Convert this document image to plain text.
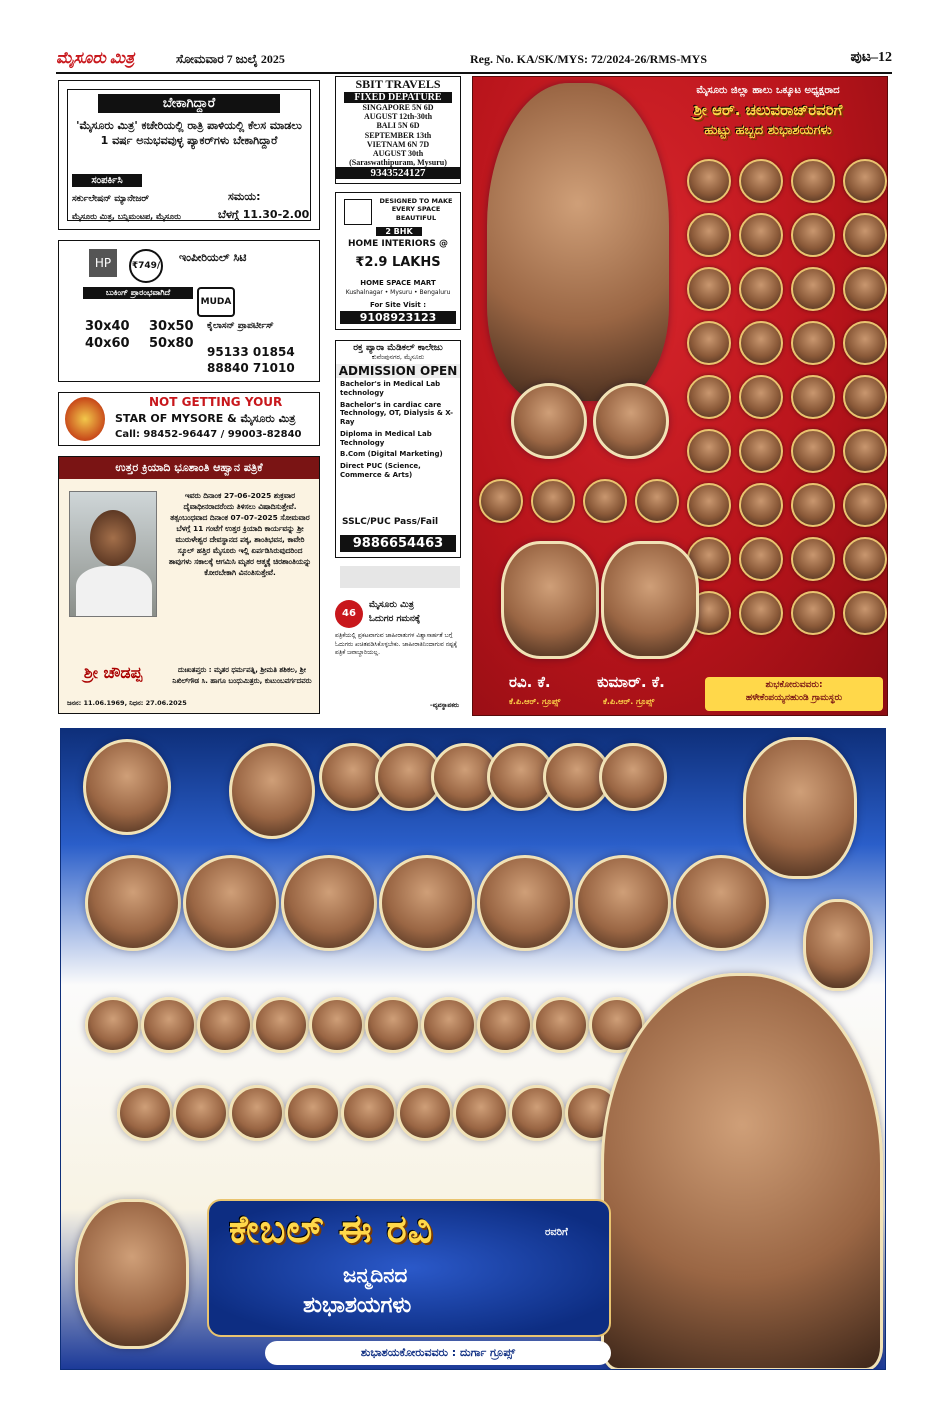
ಮೈಸೂರು ಮಿತ್ರ	ಸೋಮವಾರ 7 ಜುಲೈ 2025	Reg. No. KA/SK/MYS: 72/2024-26/RMS-MYS	ಪುಟ–12
ಬೇಕಾಗಿದ್ದಾರೆ
'ಮೈಸೂರು ಮಿತ್ರ' ಕಚೇರಿಯಲ್ಲಿ ರಾತ್ರಿ ಪಾಳಿಯಲ್ಲಿ ಕೆಲಸ ಮಾಡಲು 1 ವರ್ಷ ಅನುಭವವುಳ್ಳ ಪ್ಯಾಕರ್‌ಗಳು ಬೇಕಾಗಿದ್ದಾರೆ
ಸಂಪರ್ಕಿಸಿ
ಸರ್ಕುಲೇಷನ್ ಮ್ಯಾನೇಜರ್
ಮೈಸೂರು ಮಿತ್ರ, ಬನ್ನಿಮಂಟಪ, ಮೈಸೂರು
ಸಮಯ:
ಬೆಳಗ್ಗೆ 11.30-2.00
HP	₹749/
ಇಂಪೀರಿಯಲ್ ಸಿಟಿ
ಬುಕಿಂಗ್ ಪ್ರಾರಂಭವಾಗಿದೆ
MUDA
30x40	30x50
40x60	50x80
ಕೈಲಾಸನ್ ಪ್ರಾಪರ್ಟೀಸ್
95133 01854
88840 71010
NOT GETTING YOUR
STAR OF MYSORE & ಮೈಸೂರು ಮಿತ್ರ
Call: 98452-96447 / 99003-82840
ಉತ್ತರ ಕ್ರಿಯಾದಿ ಭೂಶಾಂತಿ ಆಹ್ವಾನ ಪತ್ರಿಕೆ
ಇವರು ದಿನಾಂಕ 27-06-2025 ಶುಕ್ರವಾರ ದೈವಾಧೀನರಾದರೆಂದು ತಿಳಿಸಲು ವಿಷಾದಿಸುತ್ತೇವೆ. ತತ್ಸಂಬಂಧವಾದ ದಿನಾಂಕ 07-07-2025 ಸೋಮವಾರ ಬೆಳಗ್ಗೆ 11 ಗಂಟೆಗೆ ಉತ್ತರ ಕ್ರಿಯಾದಿ ಕಾರ್ಯವನ್ನು ಶ್ರೀ ಮುರುಳೇಶ್ವರ ದೇವಸ್ಥಾನದ ಪಕ್ಕ, ಶಾಂತಿಭವನ, ಕಾವೇರಿ ಸ್ಕೂಲ್ ಹತ್ತಿರ ಮೈಸೂರು ಇಲ್ಲಿ ಏರ್ಪಡಿಸಿರುವುದರಿಂದ ತಾವುಗಳು ಸಕಾಲಕ್ಕೆ ಆಗಮಿಸಿ ಮೃತರ ಆತ್ಮಕ್ಕೆ ಚಿರಶಾಂತಿಯನ್ನು ಕೋರಬೇಕಾಗಿ ವಿನಂತಿಸುತ್ತೇವೆ.
ಶ್ರೀ ಚೌಡಪ್ಪ
ಜನನ: 11.06.1969, ನಿಧನ: 27.06.2025
ದುಃಖತಪ್ತರು : ಮೃತರ ಧರ್ಮಪತ್ನಿ, ಶ್ರೀಮತಿ ಶಶಿಕಲ, ಶ್ರೀ ನಿಖಿಲ್‌ಗೌಡ ಸಿ. ಹಾಗೂ ಬಂಧುಮಿತ್ರರು, ಕುಟುಂಬವರ್ಗದವರು
SBIT TRAVELS
FIXED DEPATURE
SINGAPORE 5N 6D
AUGUST 12th-30th
BALI 5N 6D
SEPTEMBER 13th
VIETNAM 6N 7D
AUGUST 30th
(Saraswathipuram, Mysuru)
9343524127
DESIGNED TO MAKE EVERY SPACE BEAUTIFUL
2 BHK
HOME INTERIORS @
₹2.9 LAKHS
HOME SPACE MART
Kushalnagar • Mysuru • Bengaluru
For Site Visit :
9108923123
ರಕ್ತ ಪ್ಯಾರಾ ಮೆಡಿಕಲ್ ಕಾಲೇಜು
ಕುವೆಂಪುನಗರ, ಮೈಸೂರು
ADMISSION OPEN
Bachelor's in Medical Lab technology
Bachelor's in cardiac care Technology, OT, Dialysis & X-Ray
Diploma in Medical Lab Technology
B.Com (Digital Marketing)
Direct PUC (Science, Commerce & Arts)
SSLC/PUC Pass/Fail
9886654463
46
ಮೈಸೂರು ಮಿತ್ರ
ಓದುಗರ ಗಮನಕ್ಕೆ
ಪತ್ರಿಕೆಯಲ್ಲಿ ಪ್ರಕಟವಾಗುವ ಜಾಹೀರಾತುಗಳ ವಿಶ್ವಾಸಾರ್ಹತೆ ಬಗ್ಗೆ ಓದುಗರು ಖಚಿತಪಡಿಸಿಕೊಳ್ಳಬೇಕು. ಜಾಹೀರಾತಿನಿಂದಾಗುವ ನಷ್ಟಕ್ಕೆ ಪತ್ರಿಕೆ ಜವಾಬ್ದಾರಿಯಲ್ಲ.
–ವ್ಯವಸ್ಥಾಪಕರು
ಮೈಸೂರು ಜಿಲ್ಲಾ ಹಾಲು ಒಕ್ಕೂಟ ಅಧ್ಯಕ್ಷರಾದ
ಶ್ರೀ ಆರ್. ಚಲುವರಾಜ್‌ರವರಿಗೆ
ಹುಟ್ಟು ಹಬ್ಬದ ಶುಭಾಶಯಗಳು
ರವಿ. ಕೆ.
ಕೆ.ಪಿ.ಆರ್. ಗ್ರೂಪ್ಸ್
ಕುಮಾರ್. ಕೆ.
ಕೆ.ಪಿ.ಆರ್. ಗ್ರೂಪ್ಸ್
ಶುಭಕೋರುವವರು:
ಹಳೇಕೆಂಪಯ್ಯನಹುಂಡಿ ಗ್ರಾಮಸ್ಥರು
ಕೇಬಲ್ ಈ ರವಿ	ರವರಿಗೆ
ಜನ್ಮದಿನದ
ಶುಭಾಶಯಗಳು
ಶುಭಾಶಯಕೋರುವವರು : ದುರ್ಗಾ ಗ್ರೂಪ್ಸ್
